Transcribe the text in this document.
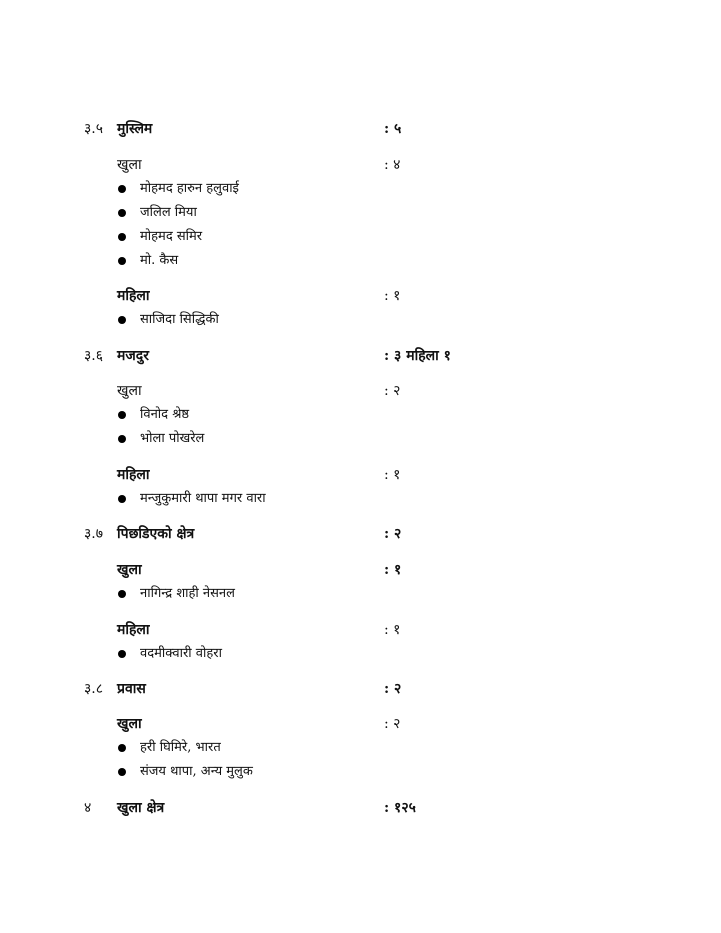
३.५ मुस्लिम	: ५
खुला	: ४
मोहमद हारुन हलुवाई
जलिल मिया
मोहमद समिर
मो. कैस
महिला	: १
साजिदा सिद्धिकी
३.६ मजदुर	: ३ महिला १
खुला	: २
विनोद श्रेष्ठ
भोला पोखरेल
महिला	: १
मन्जुकुमारी थापा मगर वारा
३.७ पिछडिएको क्षेत्र	: २
खुला	: १
नागिन्द्र शाही नेसनल
महिला	: १
वदमीक्वारी वोहरा
३.८ प्रवास	: २
खुला	: २
हरी घिमिरे, भारत
संजय थापा, अन्य मुलुक
४ खुला क्षेत्र	: १२५
